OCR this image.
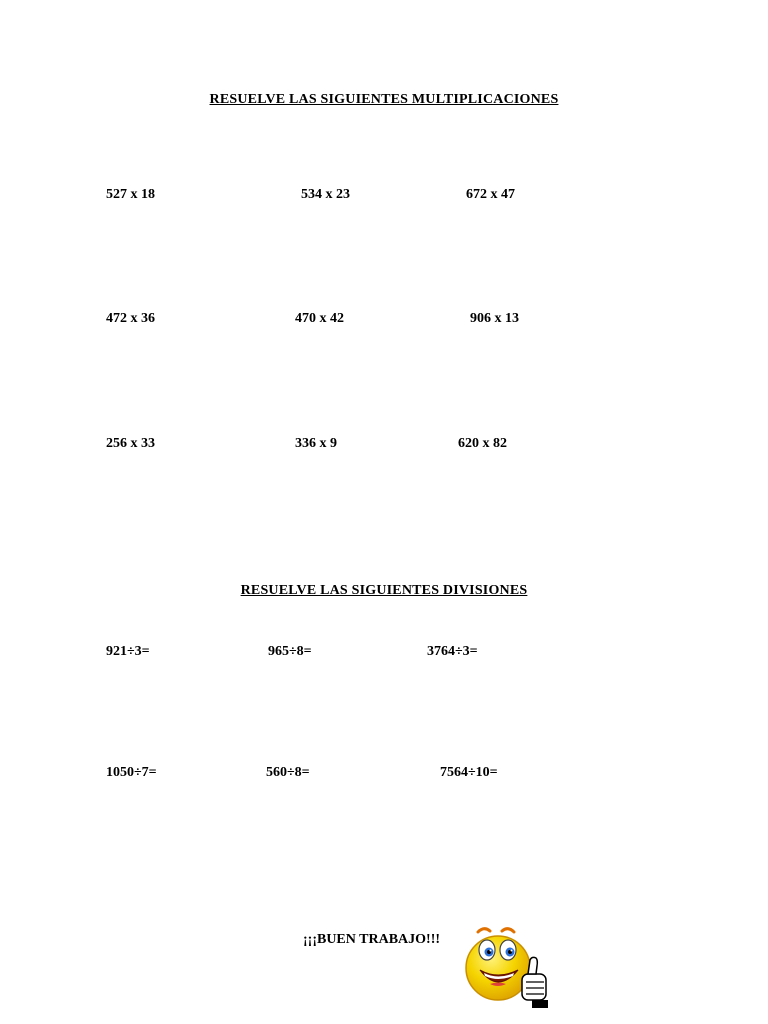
RESUELVE LAS SIGUIENTES MULTIPLICACIONES
527 x 18	534 x 23	672 x 47
472 x 36	470 x 42	906 x 13
256 x 33	336 x 9	620 x 82
RESUELVE LAS SIGUIENTES DIVISIONES
921÷3=	965÷8=	3764÷3=
1050÷7=	560÷8=	7564÷10=
¡¡¡BUEN TRABAJO!!!
